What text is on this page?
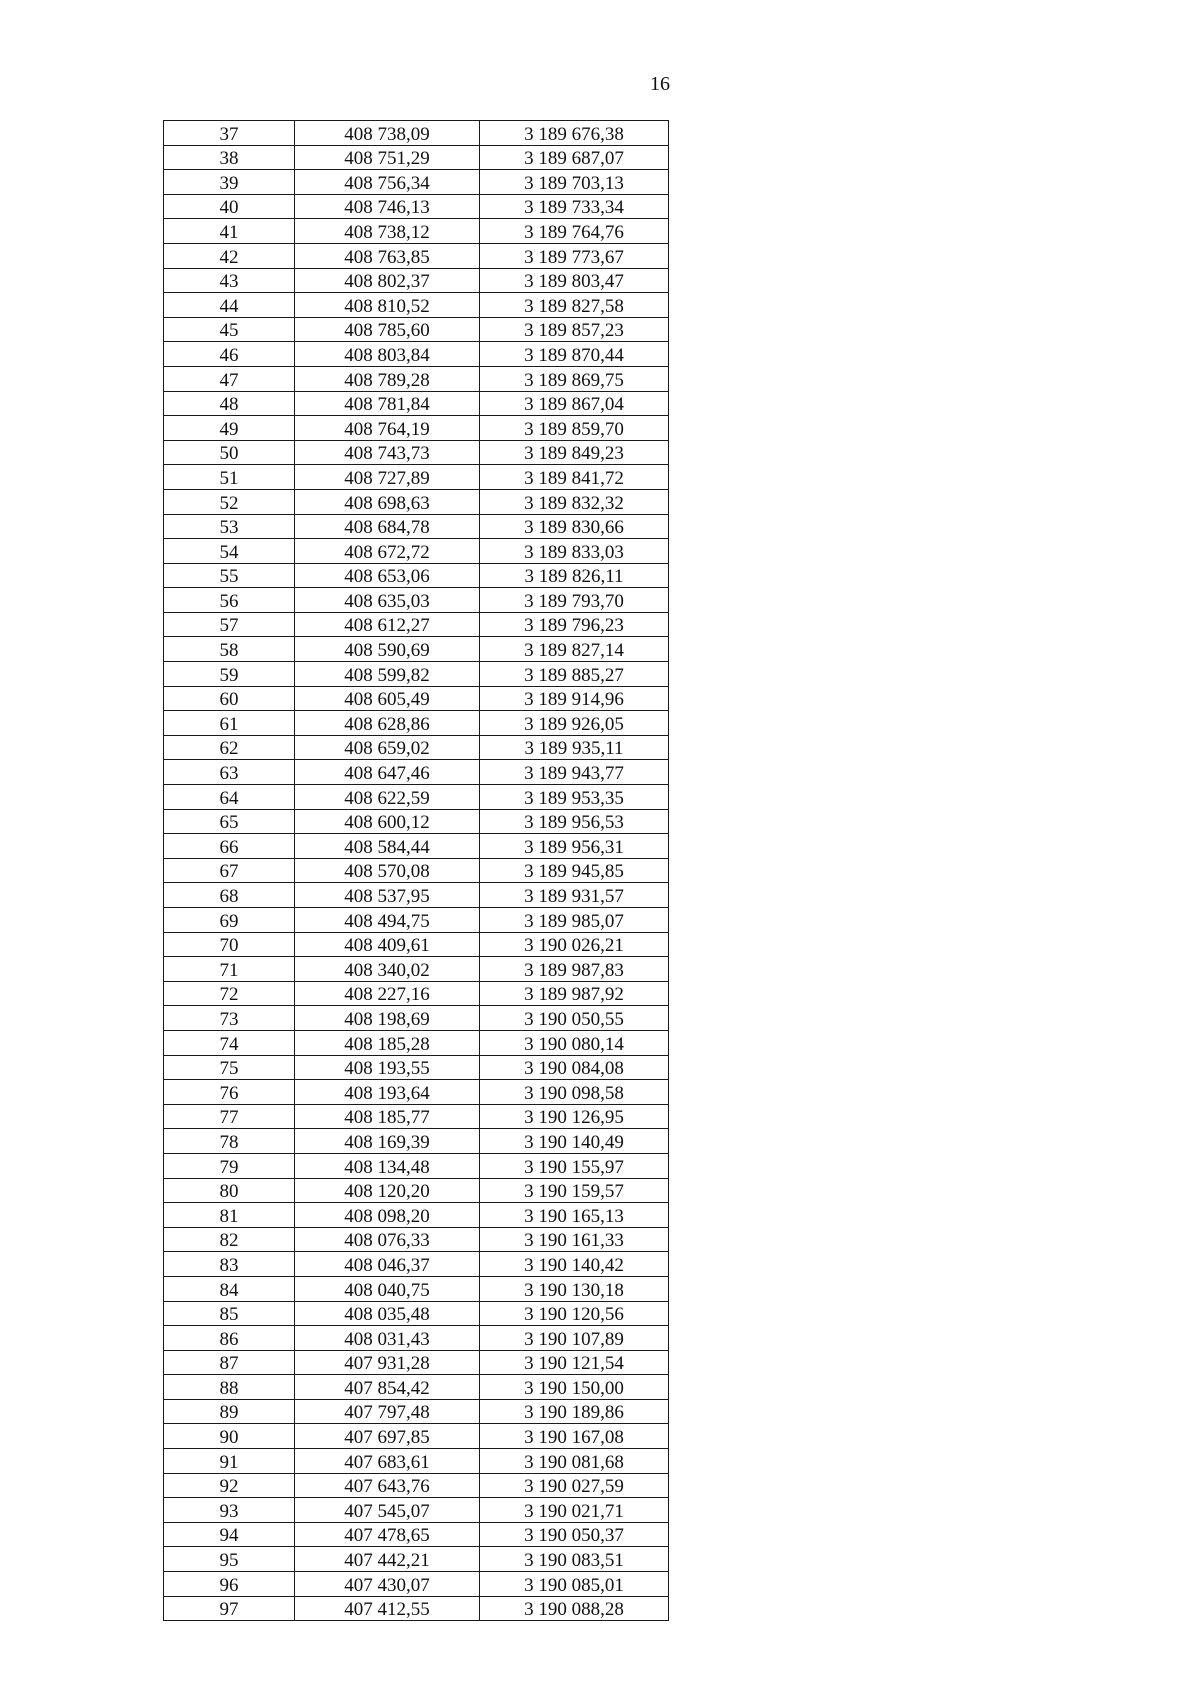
16
37	408 738,09	3 189 676,38
38	408 751,29	3 189 687,07
39	408 756,34	3 189 703,13
40	408 746,13	3 189 733,34
41	408 738,12	3 189 764,76
42	408 763,85	3 189 773,67
43	408 802,37	3 189 803,47
44	408 810,52	3 189 827,58
45	408 785,60	3 189 857,23
46	408 803,84	3 189 870,44
47	408 789,28	3 189 869,75
48	408 781,84	3 189 867,04
49	408 764,19	3 189 859,70
50	408 743,73	3 189 849,23
51	408 727,89	3 189 841,72
52	408 698,63	3 189 832,32
53	408 684,78	3 189 830,66
54	408 672,72	3 189 833,03
55	408 653,06	3 189 826,11
56	408 635,03	3 189 793,70
57	408 612,27	3 189 796,23
58	408 590,69	3 189 827,14
59	408 599,82	3 189 885,27
60	408 605,49	3 189 914,96
61	408 628,86	3 189 926,05
62	408 659,02	3 189 935,11
63	408 647,46	3 189 943,77
64	408 622,59	3 189 953,35
65	408 600,12	3 189 956,53
66	408 584,44	3 189 956,31
67	408 570,08	3 189 945,85
68	408 537,95	3 189 931,57
69	408 494,75	3 189 985,07
70	408 409,61	3 190 026,21
71	408 340,02	3 189 987,83
72	408 227,16	3 189 987,92
73	408 198,69	3 190 050,55
74	408 185,28	3 190 080,14
75	408 193,55	3 190 084,08
76	408 193,64	3 190 098,58
77	408 185,77	3 190 126,95
78	408 169,39	3 190 140,49
79	408 134,48	3 190 155,97
80	408 120,20	3 190 159,57
81	408 098,20	3 190 165,13
82	408 076,33	3 190 161,33
83	408 046,37	3 190 140,42
84	408 040,75	3 190 130,18
85	408 035,48	3 190 120,56
86	408 031,43	3 190 107,89
87	407 931,28	3 190 121,54
88	407 854,42	3 190 150,00
89	407 797,48	3 190 189,86
90	407 697,85	3 190 167,08
91	407 683,61	3 190 081,68
92	407 643,76	3 190 027,59
93	407 545,07	3 190 021,71
94	407 478,65	3 190 050,37
95	407 442,21	3 190 083,51
96	407 430,07	3 190 085,01
97	407 412,55	3 190 088,28
